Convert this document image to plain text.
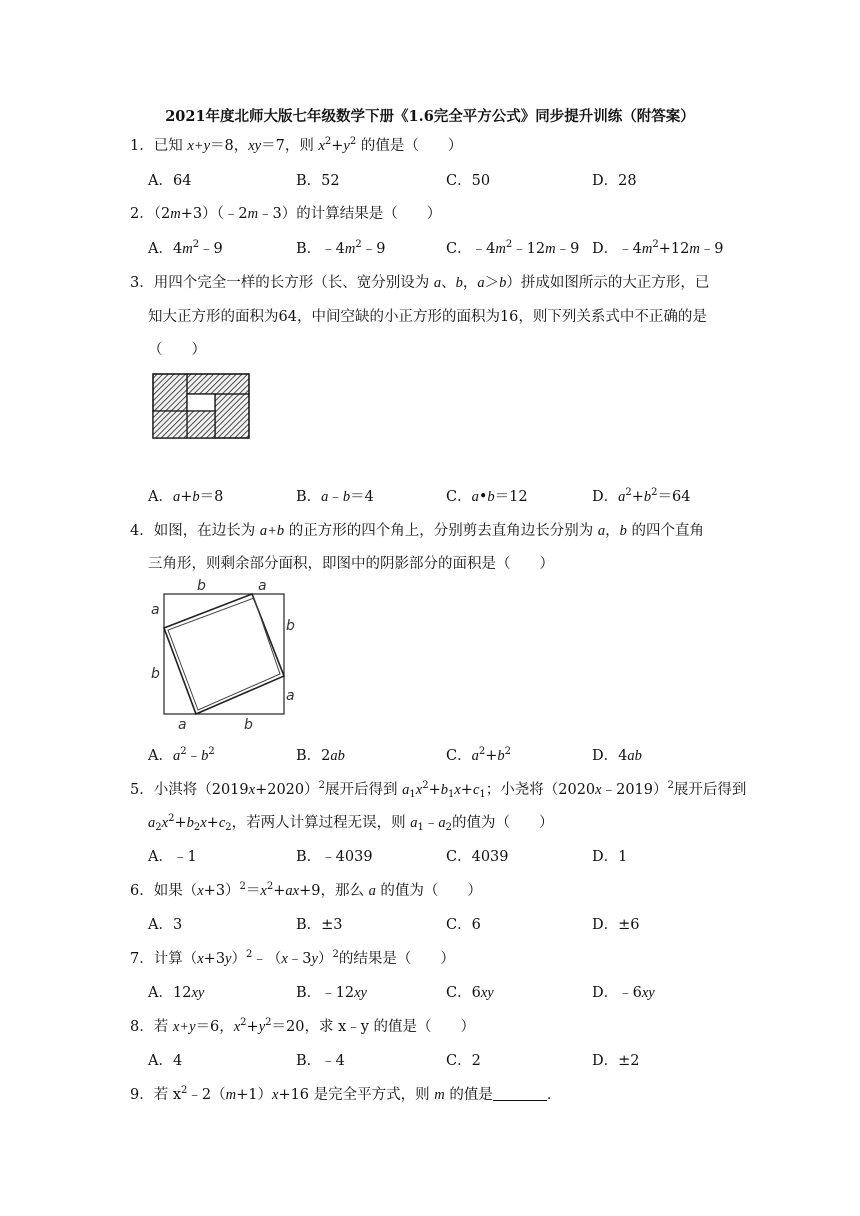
2021年度北师大版七年级数学下册《1.6完全平方公式》同步提升训练（附答案）
1．已知 x+y＝8，xy＝7，则 $x^2+y^2$ 的值是（　　）
A．64	B．52	C．50	D．28
2．（2m+3）（﹣2m﹣3）的计算结果是（　　）
A．$4m^2﹣9$	B．$﹣4m^2﹣9$	C．$﹣4m^2﹣12m﹣9$ D．$﹣4m^2+12m﹣9$
3．用四个完全一样的长方形（长、宽分别设为 a、b，a＞b）拼成如图所示的大正方形，已
知大正方形的面积为64，中间空缺的小正方形的面积为16，则下列关系式中不正确的是
（　　）
A．a+b＝8	B．a﹣b＝4	C．a•b＝12	D．$a^2+b^2=64$
4．如图，在边长为 a+b 的正方形的四个角上，分别剪去直角边长分别为 a，b 的四个直角
三角形，则剩余部分面积，即图中的阴影部分的面积是（　　）
b	a
a
b
b
a
a	b
A．$a^2﹣b^2$	B．2ab	C．$a^2+b^2$	D．4ab
5．小淇将$(2019x+2020)^2$展开后得到 $a_1x^2+b_1x+c_1$；小尧将（2020x﹣2019）$^2$展开后得到
$a_2x^2+b_2x+c_2$，若两人计算过程无误，则 $a_1﹣a_2$的值为（　　）
A．﹣1	B．﹣4039	C．4039	D．1
6．如果$(x+3)^2=x^2+ax+9$，那么 a 的值为（　　）
A．3	B．±3	C．6	D．±6
7．计算$(x+3y)^2﹣(x﹣3y)^2$的结果是（　　）
A．12xy	B．﹣12xy	C．6xy	D．﹣6xy
8．若 x+y＝6，$x^2+y^2=20$，求 x﹣y 的值是（　　）
A．4	B．﹣4	C．2	D．±2
9．若 $x^2﹣2(m+1)x+16$ 是完全平方式，则 m 的值是	．
